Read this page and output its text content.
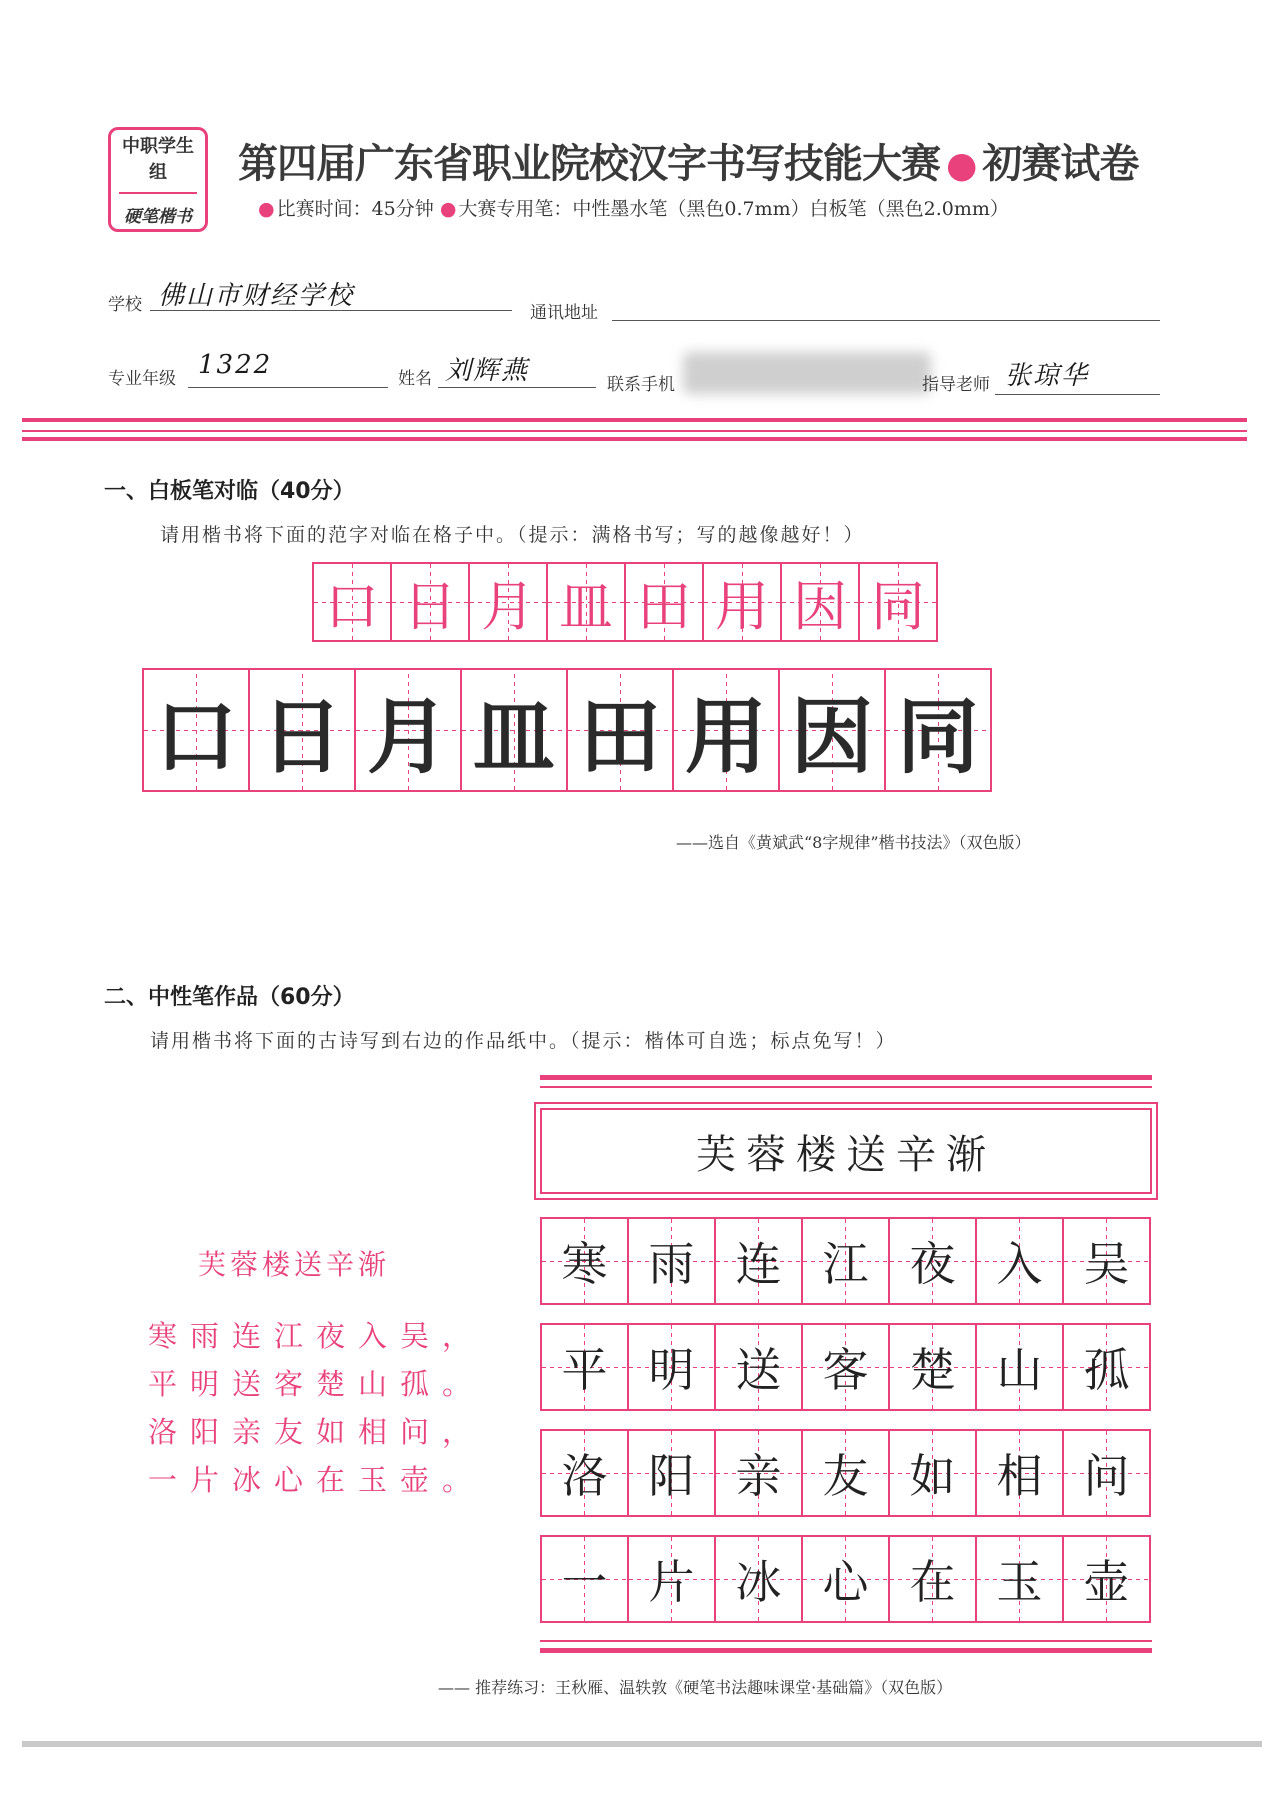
中职学生组
硬笔楷书
第四届广东省职业院校汉字书写技能大赛 ● 初赛试卷
● 比赛时间：45分钟 ● 大赛专用笔：中性墨水笔（黑色0.7mm）白板笔（黑色2.0mm）
学校 佛山市财经学校
通讯地址
专业年级 1322	姓名 刘辉燕	联系手机	指导老师 张琼华
一、白板笔对临（40分）
请用楷书将下面的范字对临在格子中。（提示：满格书写；写的越像越好！）
口 日 月 皿 田 用 因 同
口 日 月 皿 田 用 因 同
——选自《黄斌武“8字规律”楷书技法》（双色版）
二、中性笔作品（60分）
请用楷书将下面的古诗写到右边的作品纸中。（提示：楷体可自选；标点免写！）
芙蓉楼送辛渐
寒雨连江夜入吴，
平明送客楚山孤。
洛阳亲友如相问，
一片冰心在玉壶。
芙蓉楼送辛渐
寒 雨 连 江 夜 入 吴
平 明 送 客 楚 山 孤
洛 阳 亲 友 如 相 问
一 片 冰 心 在 玉 壶
—— 推荐练习：王秋雁、温轶敦《硬笔书法趣味课堂·基础篇》（双色版）
